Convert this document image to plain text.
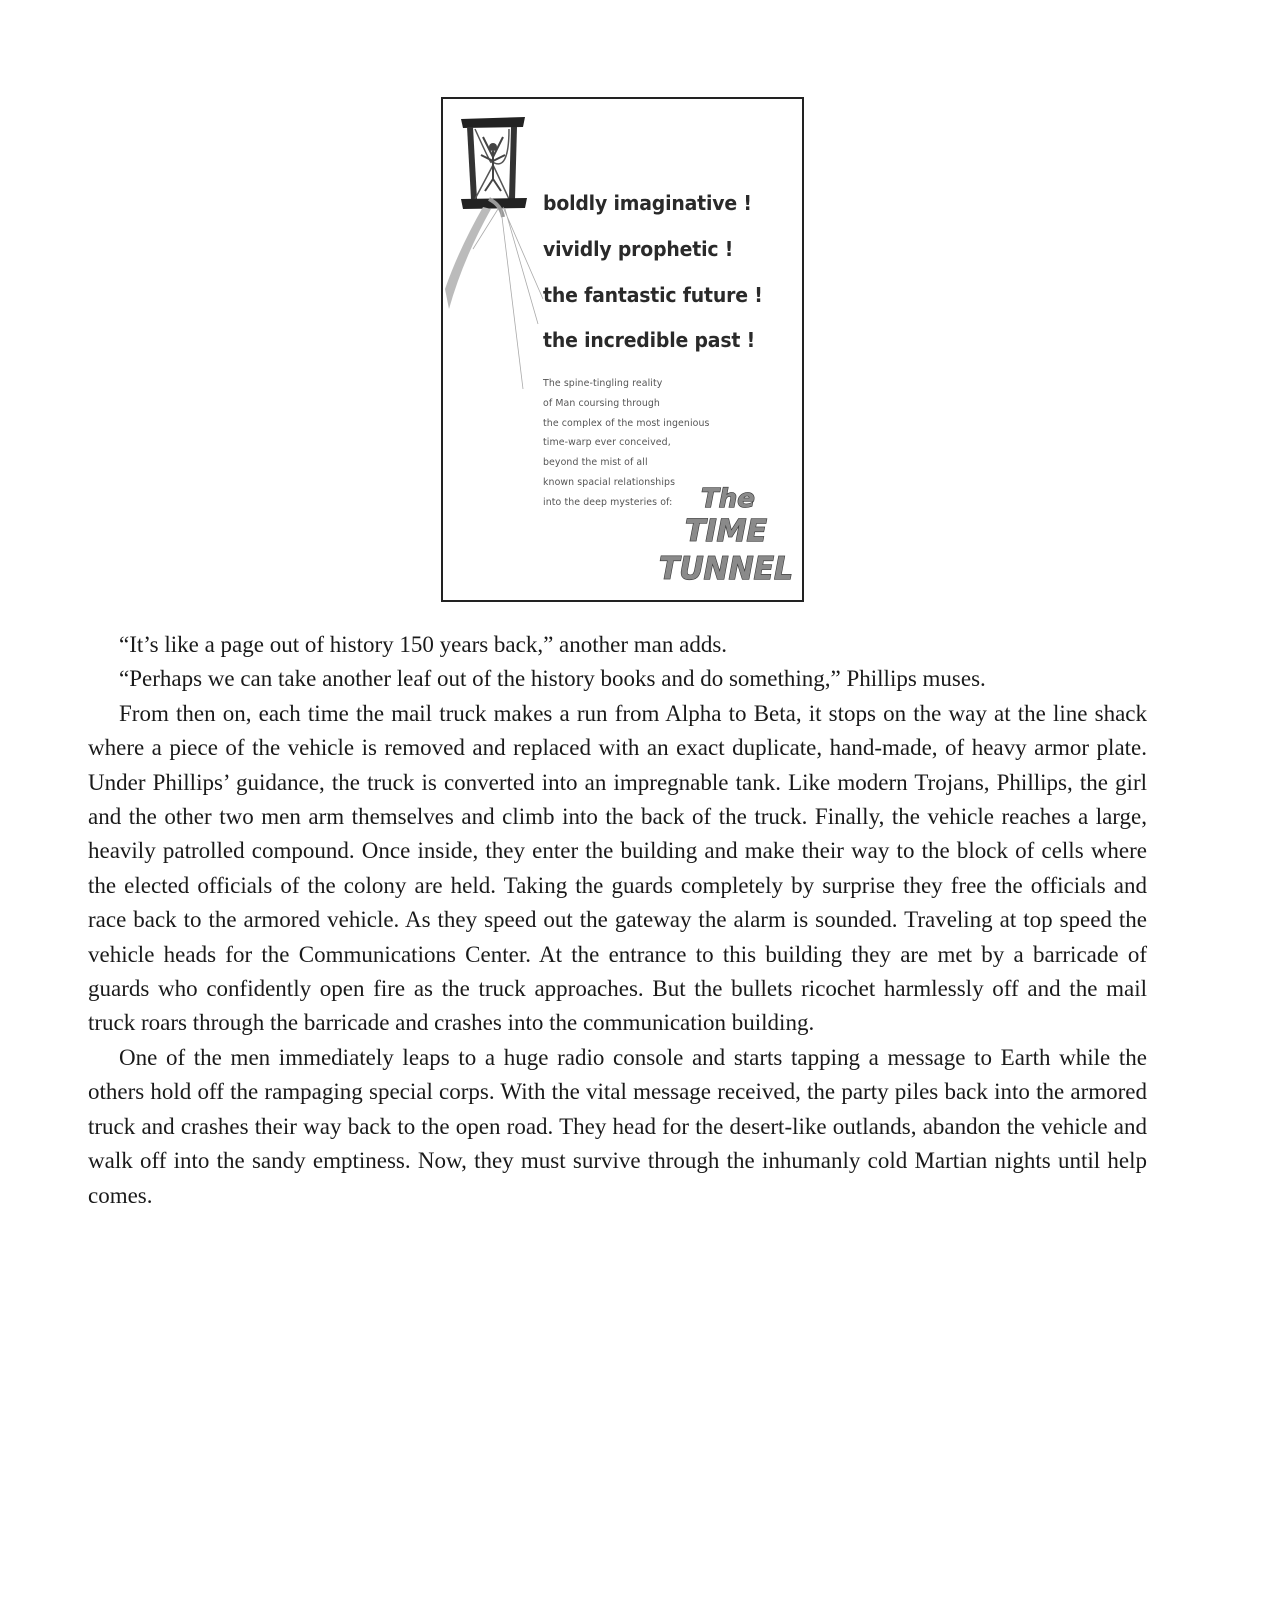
boldly imaginative !

vividly prophetic !

the fantastic future !

the incredible past !

The spine-tingling reality
of Man coursing through
the complex of the most ingenious
time-warp ever conceived,
beyond the mist of all
known spacial relationships
into the deep mysteries of:	The
TIME
TUNNEL

“It’s like a page out of history 150 years back,” another man adds.

“Perhaps we can take another leaf out of the history books and do something,” Phillips muses.

From then on, each time the mail truck makes a run from Alpha to Beta, it stops on the way at the line shack where a piece of the vehicle is removed and replaced with an exact duplicate, hand-made, of heavy armor plate. Under Phillips’ guidance, the truck is converted into an impregnable tank. Like modern Trojans, Phillips, the girl and the other two men arm themselves and climb into the back of the truck. Finally, the vehicle reaches a large, heavily patrolled compound. Once inside, they enter the building and make their way to the block of cells where the elected officials of the colony are held. Taking the guards completely by surprise they free the officials and race back to the armored vehicle. As they speed out the gateway the alarm is sounded. Traveling at top speed the vehicle heads for the Communications Center. At the entrance to this building they are met by a barricade of guards who confidently open fire as the truck approaches. But the bullets ricochet harmlessly off and the mail truck roars through the barricade and crashes into the communication building.

One of the men immediately leaps to a huge radio console and starts tapping a message to Earth while the others hold off the rampaging special corps. With the vital message received, the party piles back into the armored truck and crashes their way back to the open road. They head for the desert-like outlands, abandon the vehicle and walk off into the sandy emptiness. Now, they must survive through the inhumanly cold Martian nights until help comes.
